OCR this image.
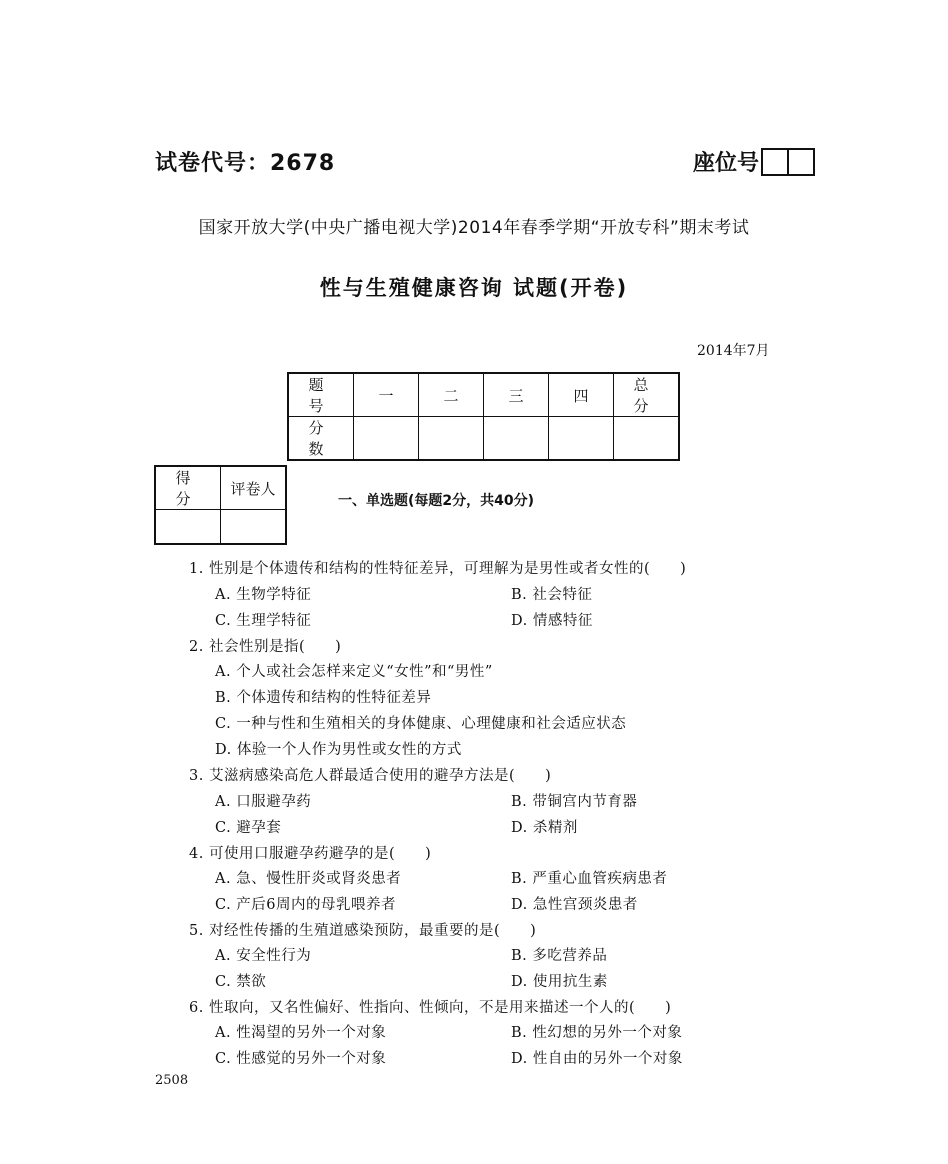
试卷代号：2678	座位号
国家开放大学(中央广播电视大学)2014年春季学期“开放专科”期末考试
性与生殖健康咨询 试题(开卷)
2014年7月
题　号	一	二	三	四	总　分
分　数					
得　分	评卷人

一、单选题(每题2分，共40分)
1. 性别是个体遗传和结构的性特征差异，可理解为是男性或者女性的(　　)
A. 生物学特征	B. 社会特征
C. 生理学特征	D. 情感特征
2. 社会性别是指(　　)
A. 个人或社会怎样来定义“女性”和“男性”
B. 个体遗传和结构的性特征差异
C. 一种与性和生殖相关的身体健康、心理健康和社会适应状态
D. 体验一个人作为男性或女性的方式
3. 艾滋病感染高危人群最适合使用的避孕方法是(　　)
A. 口服避孕药	B. 带铜宫内节育器
C. 避孕套	D. 杀精剂
4. 可使用口服避孕药避孕的是(　　)
A. 急、慢性肝炎或肾炎患者	B. 严重心血管疾病患者
C. 产后6周内的母乳喂养者	D. 急性宫颈炎患者
5. 对经性传播的生殖道感染预防，最重要的是(　　)
A. 安全性行为	B. 多吃营养品
C. 禁欲	D. 使用抗生素
6. 性取向，又名性偏好、性指向、性倾向，不是用来描述一个人的(　　)
A. 性渴望的另外一个对象	B. 性幻想的另外一个对象
C. 性感觉的另外一个对象	D. 性自由的另外一个对象
2508
